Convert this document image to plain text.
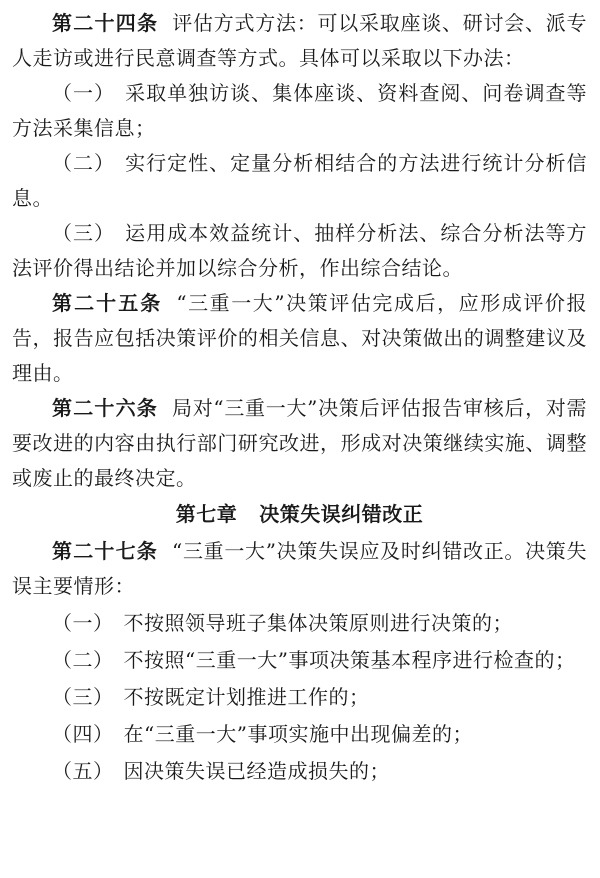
第二十四条 评估方式方法：可以采取座谈、研讨会、派专人走访或进行民意调查等方式。具体可以采取以下办法：

（一） 采取单独访谈、集体座谈、资料查阅、问卷调查等方法采集信息；

（二） 实行定性、定量分析相结合的方法进行统计分析信息。

（三） 运用成本效益统计、抽样分析法、综合分析法等方法评价得出结论并加以综合分析，作出综合结论。

第二十五条 “三重一大”决策评估完成后，应形成评价报告，报告应包括决策评价的相关信息、对决策做出的调整建议及理由。

第二十六条 局对“三重一大”决策后评估报告审核后，对需要改进的内容由执行部门研究改进，形成对决策继续实施、调整或废止的最终决定。

第七章 决策失误纠错改正

第二十七条 “三重一大”决策失误应及时纠错改正。决策失误主要情形：

（一） 不按照领导班子集体决策原则进行决策的；

（二） 不按照“三重一大”事项决策基本程序进行检查的；

（三） 不按既定计划推进工作的；

（四） 在“三重一大”事项实施中出现偏差的；

（五） 因决策失误已经造成损失的；
